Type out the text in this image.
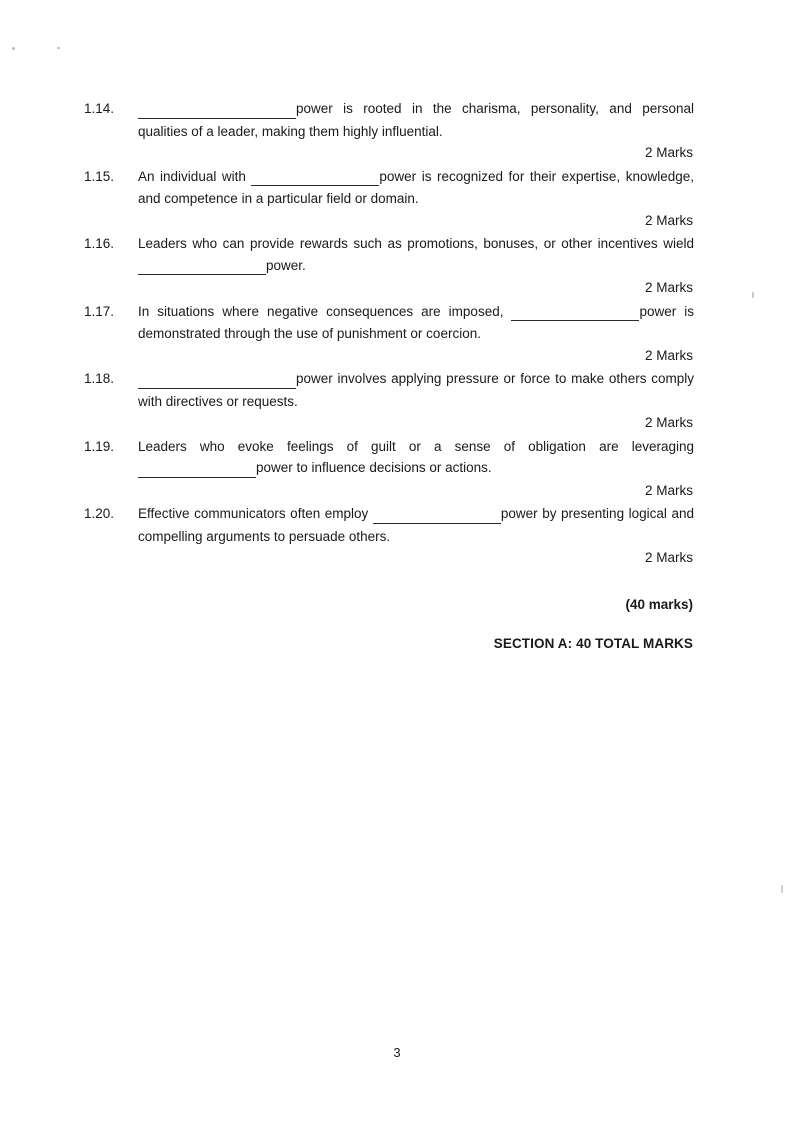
1.14.	power is rooted in the charisma, personality, and personal qualities of a leader, making them highly influential.
2 Marks
1.15.	An individual with	power is recognized for their expertise, knowledge, and competence in a particular field or domain.
2 Marks
1.16.	Leaders who can provide rewards such as promotions, bonuses, or other incentives wield  power.
2 Marks
1.17.	In situations where negative consequences are imposed,	power is demonstrated through the use of punishment or coercion.
2 Marks
1.18.	power involves applying pressure or force to make others comply with directives or requests.
2 Marks
1.19.	Leaders who evoke feelings of guilt or a sense of obligation are leveraging  power to influence decisions or actions.
2 Marks
1.20.	Effective communicators often employ	power by presenting logical and compelling arguments to persuade others.
2 Marks
(40 marks)
SECTION A: 40 TOTAL MARKS
3
